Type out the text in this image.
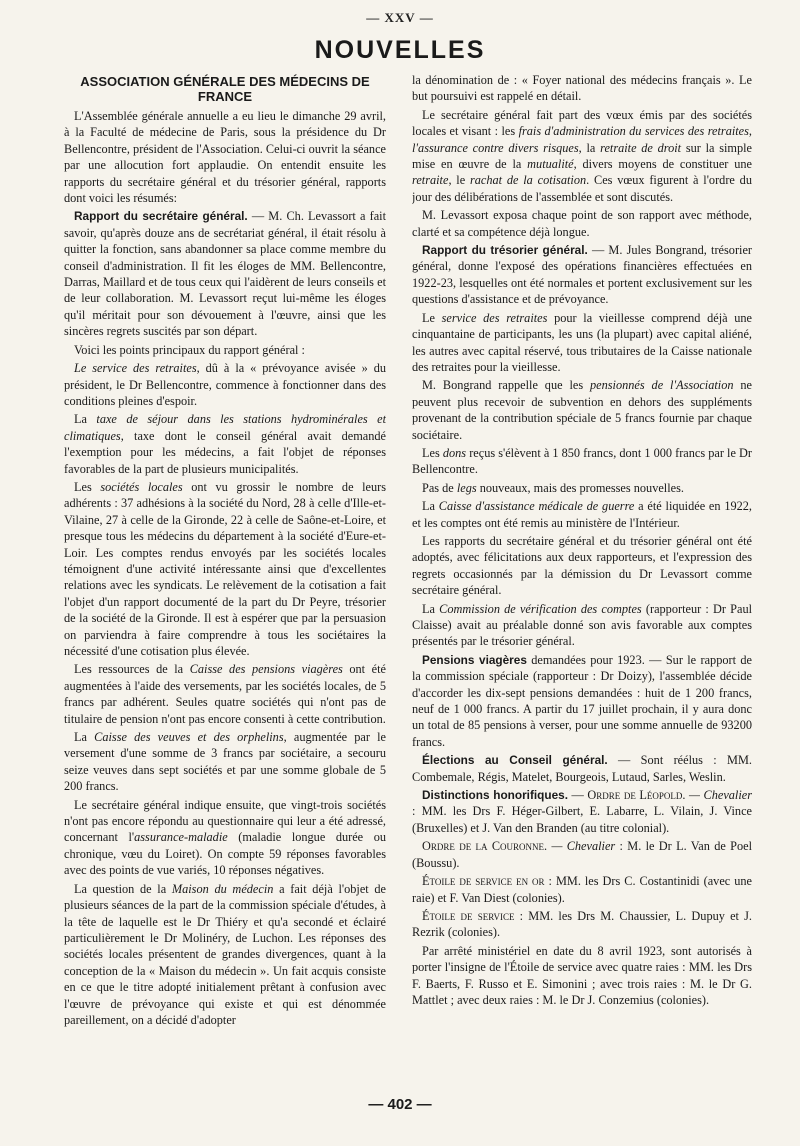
— XXV —
NOUVELLES
ASSOCIATION GÉNÉRALE DES MÉDECINS DE FRANCE

L'Assemblée générale annuelle a eu lieu le dimanche 29 avril, à la Faculté de médecine de Paris, sous la présidence du Dr Bellencontre, président de l'Association. Celui-ci ouvrit la séance par une allocution fort applaudie. On entendit ensuite les rapports du secrétaire général et du trésorier général, rapports dont voici les résumés:

Rapport du secrétaire général. — M. Ch. Levassort a fait savoir, qu'après douze ans de secrétariat général, il était résolu à quitter la fonction, sans abandonner sa place comme membre du conseil d'administration. Il fit les éloges de MM. Bellencontre, Darras, Maillard et de tous ceux qui l'aidèrent de leurs conseils et de leur collaboration. M. Levassort reçut lui-même les éloges qu'il méritait pour son dévouement à l'œuvre, ainsi que les sincères regrets suscités par son départ.

Voici les points principaux du rapport général :

Le service des retraites, dû à la « prévoyance avisée » du président, le Dr Bellencontre, commence à fonctionner dans des conditions pleines d'espoir.

La taxe de séjour dans les stations hydrominérales et climatiques, taxe dont le conseil général avait demandé l'exemption pour les médecins, a fait l'objet de réponses favorables de la part de plusieurs municipalités.

Les sociétés locales ont vu grossir le nombre de leurs adhérents : 37 adhésions à la société du Nord, 28 à celle d'Ille-et-Vilaine, 27 à celle de la Gironde, 22 à celle de Saône-et-Loire, et presque tous les médecins du département à la société d'Eure-et-Loir. Les comptes rendus envoyés par les sociétés locales témoignent d'une activité intéressante ainsi que d'excellentes relations avec les syndicats. Le relèvement de la cotisation a fait l'objet d'un rapport documenté de la part du Dr Peyre, trésorier de la société de la Gironde. Il est à espérer que par la persuasion on parviendra à faire comprendre à tous les sociétaires la nécessité d'une cotisation plus élevée.

Les ressources de la Caisse des pensions viagères ont été augmentées à l'aide des versements, par les sociétés locales, de 5 francs par adhérent. Seules quatre sociétés qui n'ont pas de titulaire de pension n'ont pas encore consenti à cette contribution.

La Caisse des veuves et des orphelins, augmentée par le versement d'une somme de 3 francs par sociétaire, a secouru seize veuves dans sept sociétés et par une somme globale de 5 200 francs.

Le secrétaire général indique ensuite, que vingt-trois sociétés n'ont pas encore répondu au questionnaire qui leur a été adressé, concernant l'assurance-maladie (maladie longue durée ou chronique, vœu du Loiret). On compte 59 réponses favorables avec des points de vue variés, 10 réponses négatives.

La question de la Maison du médecin a fait déjà l'objet de plusieurs séances de la part de la commission spéciale d'études, à la tête de laquelle est le Dr Thiéry et qu'a secondé et éclairé particulièrement le Dr Molinéry, de Luchon. Les réponses des sociétés locales présentent de grandes divergences, quant à la conception de la « Maison du médecin ». Un fait acquis consiste en ce que le titre adopté initialement prêtant à confusion avec l'œuvre de prévoyance qui existe et qui est dénommée pareillement, on a décidé d'adopter

la dénomination de : « Foyer national des médecins français ». Le but poursuivi est rappelé en détail.

Le secrétaire général fait part des vœux émis par des sociétés locales et visant : les frais d'administration du services des retraites, l'assurance contre divers risques, la retraite de droit sur la simple mise en œuvre de la mutualité, divers moyens de constituer une retraite, le rachat de la cotisation. Ces vœux figurent à l'ordre du jour des délibérations de l'assemblée et sont discutés.

M. Levassort exposa chaque point de son rapport avec méthode, clarté et sa compétence déjà longue.

Rapport du trésorier général. — M. Jules Bongrand, trésorier général, donne l'exposé des opérations financières effectuées en 1922-23, lesquelles ont été normales et portent exclusivement sur les questions d'assistance et de prévoyance.

Le service des retraites pour la vieillesse comprend déjà une cinquantaine de participants, les uns (la plupart) avec capital aliéné, les autres avec capital réservé, tous tributaires de la Caisse nationale des retraites pour la vieillesse.

M. Bongrand rappelle que les pensionnés de l'Association ne peuvent plus recevoir de subvention en dehors des suppléments provenant de la contribution spéciale de 5 francs fournie par chaque sociétaire.

Les dons reçus s'élèvent à 1 850 francs, dont 1 000 francs par le Dr Bellencontre.

Pas de legs nouveaux, mais des promesses nouvelles.

La Caisse d'assistance médicale de guerre a été liquidée en 1922, et les comptes ont été remis au ministère de l'Intérieur.

Les rapports du secrétaire général et du trésorier général ont été adoptés, avec félicitations aux deux rapporteurs, et l'expression des regrets occasionnés par la démission du Dr Levassort comme secrétaire général.

La Commission de vérification des comptes (rapporteur : Dr Paul Claisse) avait au préalable donné son avis favorable aux comptes présentés par le trésorier général.

Pensions viagères demandées pour 1923. — Sur le rapport de la commission spéciale (rapporteur : Dr Doizy), l'assemblée décide d'accorder les dix-sept pensions demandées : huit de 1 200 francs, neuf de 1 000 francs. A partir du 17 juillet prochain, il y aura donc un total de 85 pensions à verser, pour une somme annuelle de 93200 francs.

Élections au Conseil général. — Sont réélus : MM. Combemale, Régis, Matelet, Bourgeois, Lutaud, Sarles, Weslin.

Distinctions honorifiques. — Ordre de Léopold. — Chevalier : MM. les Drs F. Héger-Gilbert, E. Labarre, L. Vilain, J. Vince (Bruxelles) et J. Van den Branden (au titre colonial).

Ordre de la Couronne. — Chevalier : M. le Dr L. Van de Poel (Boussu).

Étoile de service en or : MM. les Drs C. Costantinidi (avec une raie) et F. Van Diest (colonies).

Étoile de service : MM. les Drs M. Chaussier, L. Dupuy et J. Rezrik (colonies).

Par arrêté ministériel en date du 8 avril 1923, sont autorisés à porter l'insigne de l'Étoile de service avec quatre raies : MM. les Drs F. Baerts, F. Russo et E. Simonini ; avec trois raies : M. le Dr G. Mattlet ; avec deux raies : M. le Dr J. Conzemius (colonies).

— 402 —
